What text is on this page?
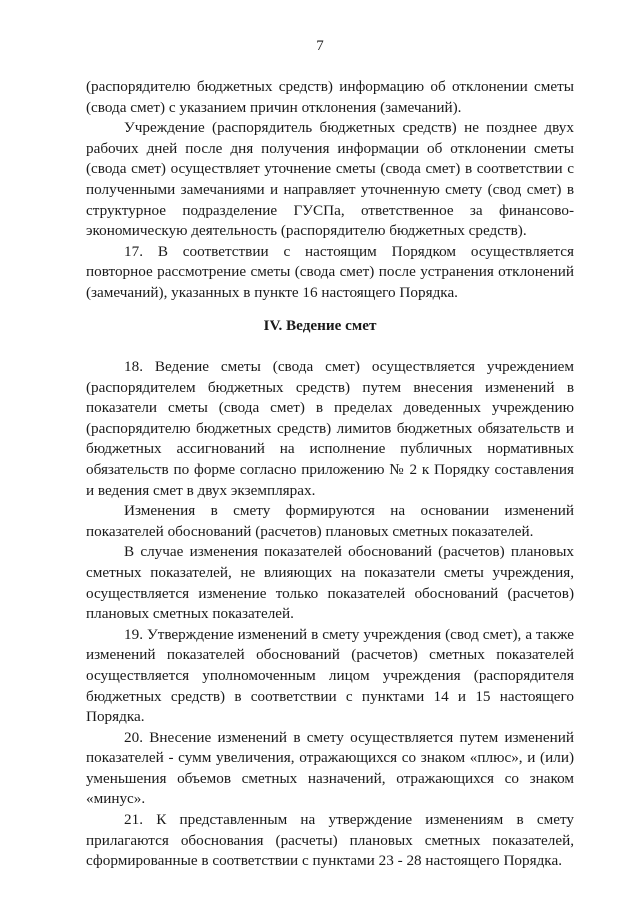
7

(распорядителю бюджетных средств) информацию об отклонении сметы (свода смет) с указанием причин отклонения (замечаний).

Учреждение (распорядитель бюджетных средств) не позднее двух рабочих дней после дня получения информации об отклонении сметы (свода смет) осуществляет уточнение сметы (свода смет) в соответствии с полученными замечаниями и направляет уточненную смету (свод смет) в структурное подразделение ГУСПа, ответственное за финансово-экономическую деятельность (распорядителю бюджетных средств).

17. В соответствии с настоящим Порядком осуществляется повторное рассмотрение сметы (свода смет) после устранения отклонений (замечаний), указанных в пункте 16 настоящего Порядка.

IV. Ведение смет

18. Ведение сметы (свода смет) осуществляется учреждением (распорядителем бюджетных средств) путем внесения изменений в показатели сметы (свода смет) в пределах доведенных учреждению (распорядителю бюджетных средств) лимитов бюджетных обязательств и бюджетных ассигнований на исполнение публичных нормативных обязательств по форме согласно приложению № 2 к Порядку составления и ведения смет в двух экземплярах.

Изменения в смету формируются на основании изменений показателей обоснований (расчетов) плановых сметных показателей.

В случае изменения показателей обоснований (расчетов) плановых сметных показателей, не влияющих на показатели сметы учреждения, осуществляется изменение только показателей обоснований (расчетов) плановых сметных показателей.

19. Утверждение изменений в смету учреждения (свод смет), а также изменений показателей обоснований (расчетов) сметных показателей осуществляется уполномоченным лицом учреждения (распорядителя бюджетных средств) в соответствии с пунктами 14 и 15 настоящего Порядка.

20. Внесение изменений в смету осуществляется путем изменений показателей - сумм увеличения, отражающихся со знаком «плюс», и (или) уменьшения объемов сметных назначений, отражающихся со знаком «минус».

21. К представленным на утверждение изменениям в смету прилагаются обоснования (расчеты) плановых сметных показателей, сформированные в соответствии с пунктами 23 - 28 настоящего Порядка.
